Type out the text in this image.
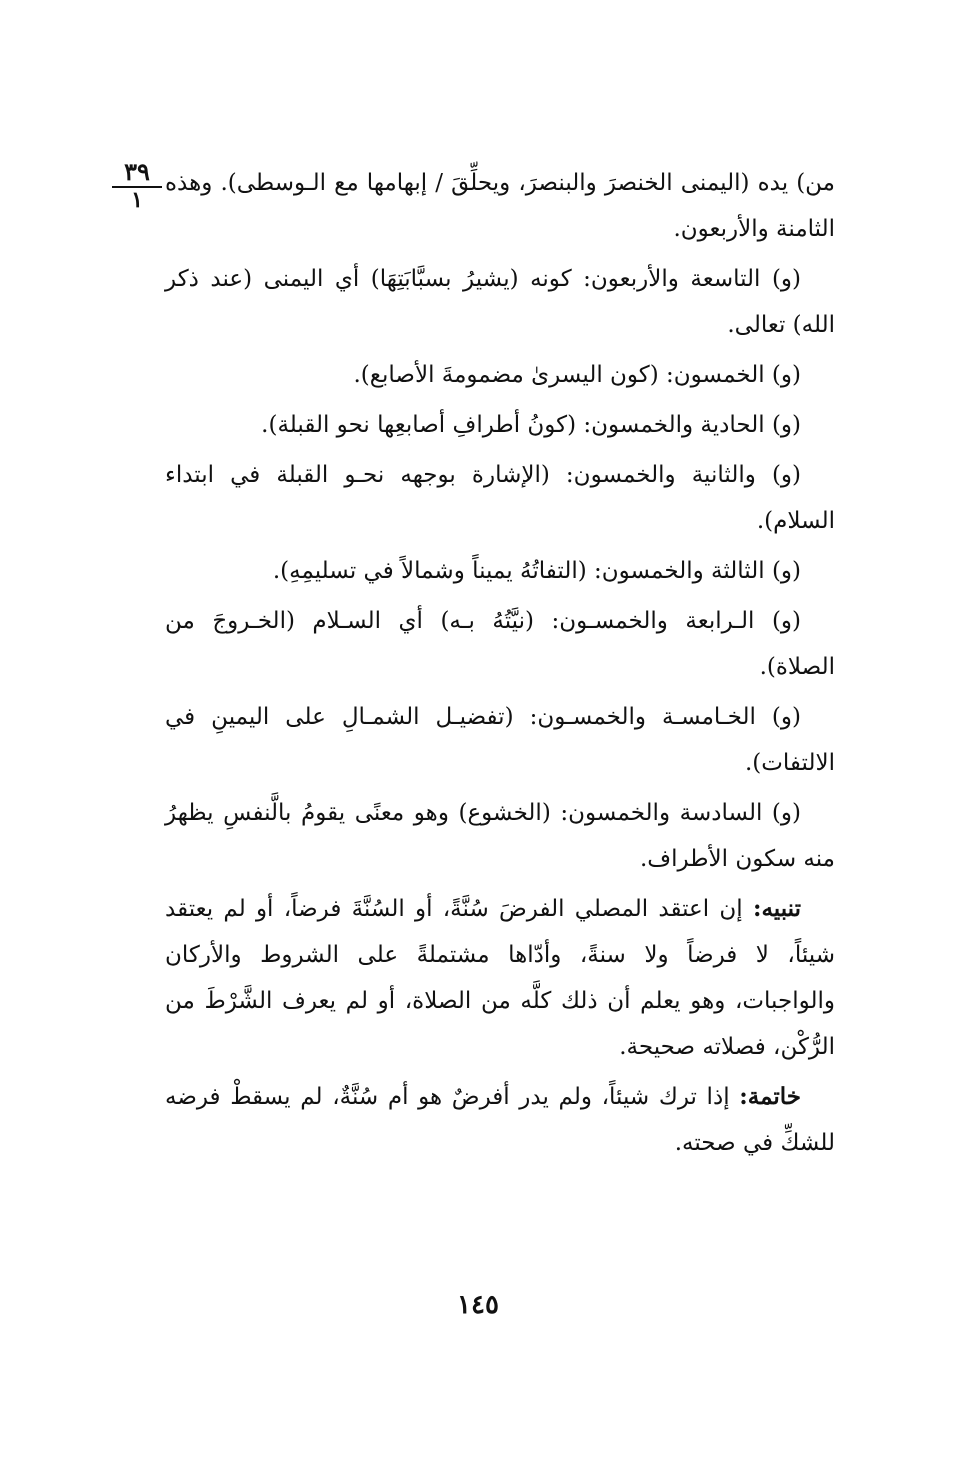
٣٩
١

من) يده (اليمنى الخنصرَ والبنصرَ، ويحلِّقَ / إبهامها مع الـوسطى). وهذه الثامنة والأربعون.

(و) التاسعة والأربعون: كونه (يشيرُ بسبَّابَتِهَا) أي اليمنى (عند ذكر الله) تعالى.

(و) الخمسون: (كون اليسرىٰ مضمومةَ الأصابع).

(و) الحادية والخمسون: (كونُ أطرافِ أصابعِها نحو القبلة).

(و) والثانية والخمسون: (الإشارة بوجهه نحـو القبلة في ابتداء السلام).

(و) الثالثة والخمسون: (التفاتُهُ يميناً وشمالاً في تسليمِهِ).

(و) الـرابعة والخمسـون: (نيَّتُهُ بـه) أي السـلام (الخـروجَ من الصلاة).

(و) الخـامسـة والخمسـون: (تفضيـل الشمـالِ على اليمينِ في الالتفات).

(و) السادسة والخمسون: (الخشوع) وهو معنًى يقومُ بالَّنفسِ يظهرُ منه سكون الأطراف.

تنبيه: إن اعتقد المصلي الفرضَ سُنَّةً، أو السُنَّةَ فرضاً، أو لم يعتقد شيئاً، لا فرضاً ولا سنةً، وأدّاها مشتملةً على الشروط والأركان والواجبات، وهو يعلم أن ذلك كلَّه من الصلاة، أو لم يعرف الشَّرْطَ من الرُّكْن، فصلاته صحيحة.

خاتمة: إذا ترك شيئاً، ولم يدر أفرضٌ هو أم سُنَّةٌ، لم يسقطْ فرضه للشكِّ في صحته.

١٤٥
